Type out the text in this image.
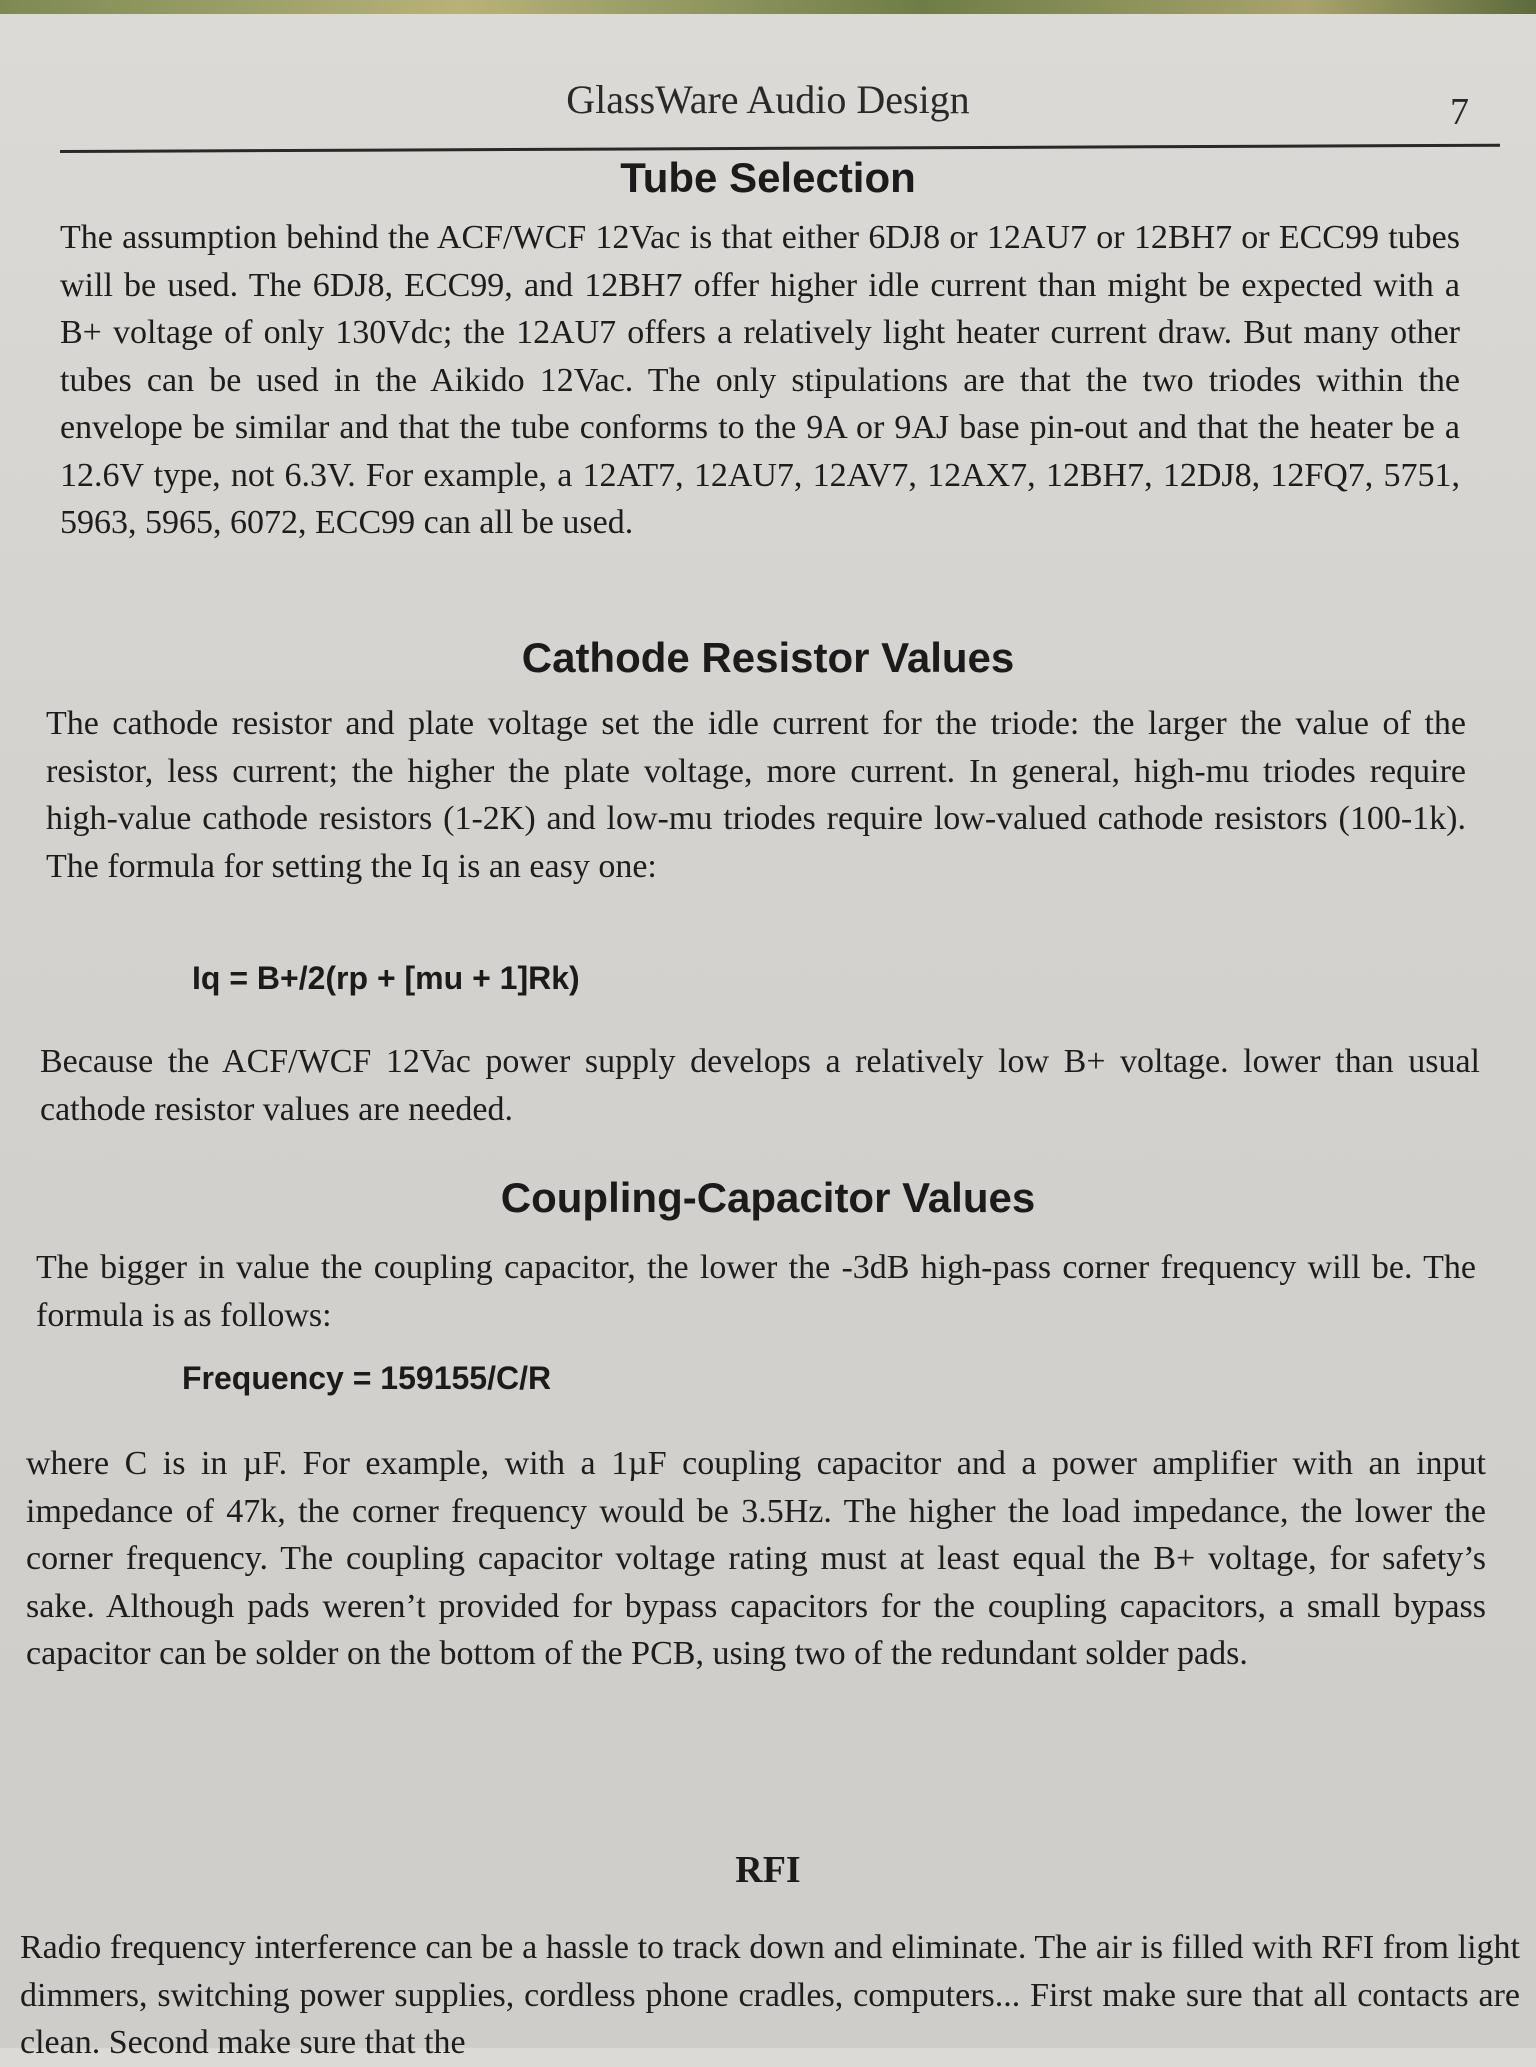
GlassWare Audio Design	7
Tube Selection
The assumption behind the ACF/WCF 12Vac is that either 6DJ8 or 12AU7 or 12BH7 or ECC99 tubes will be used. The 6DJ8, ECC99, and 12BH7 offer higher idle current than might be expected with a B+ voltage of only 130Vdc; the 12AU7 offers a relatively light heater current draw. But many other tubes can be used in the Aikido 12Vac. The only stipulations are that the two triodes within the envelope be similar and that the tube conforms to the 9A or 9AJ base pin-out and that the heater be a 12.6V type, not 6.3V. For example, a 12AT7, 12AU7, 12AV7, 12AX7, 12BH7, 12DJ8, 12FQ7, 5751, 5963, 5965, 6072, ECC99 can all be used.
Cathode Resistor Values
The cathode resistor and plate voltage set the idle current for the triode: the larger the value of the resistor, less current; the higher the plate voltage, more current. In general, high-mu triodes require high-value cathode resistors (1-2K) and low-mu triodes require low-valued cathode resistors (100-1k). The formula for setting the Iq is an easy one:
Iq = B+/2(rp + [mu + 1]Rk)
Because the ACF/WCF 12Vac power supply develops a relatively low B+ voltage. lower than usual cathode resistor values are needed.
Coupling-Capacitor Values
The bigger in value the coupling capacitor, the lower the -3dB high-pass corner frequency will be. The formula is as follows:
Frequency = 159155/C/R
where C is in µF. For example, with a 1µF coupling capacitor and a power amplifier with an input impedance of 47k, the corner frequency would be 3.5Hz. The higher the load impedance, the lower the corner frequency. The coupling capacitor voltage rating must at least equal the B+ voltage, for safety’s sake. Although pads weren’t provided for bypass capacitors for the coupling capacitors, a small bypass capacitor can be solder on the bottom of the PCB, using two of the redundant solder pads.
RFI
Radio frequency interference can be a hassle to track down and eliminate. The air is filled with RFI from light dimmers, switching power supplies, cordless phone cradles, computers... First make sure that all contacts are clean. Second make sure that the
